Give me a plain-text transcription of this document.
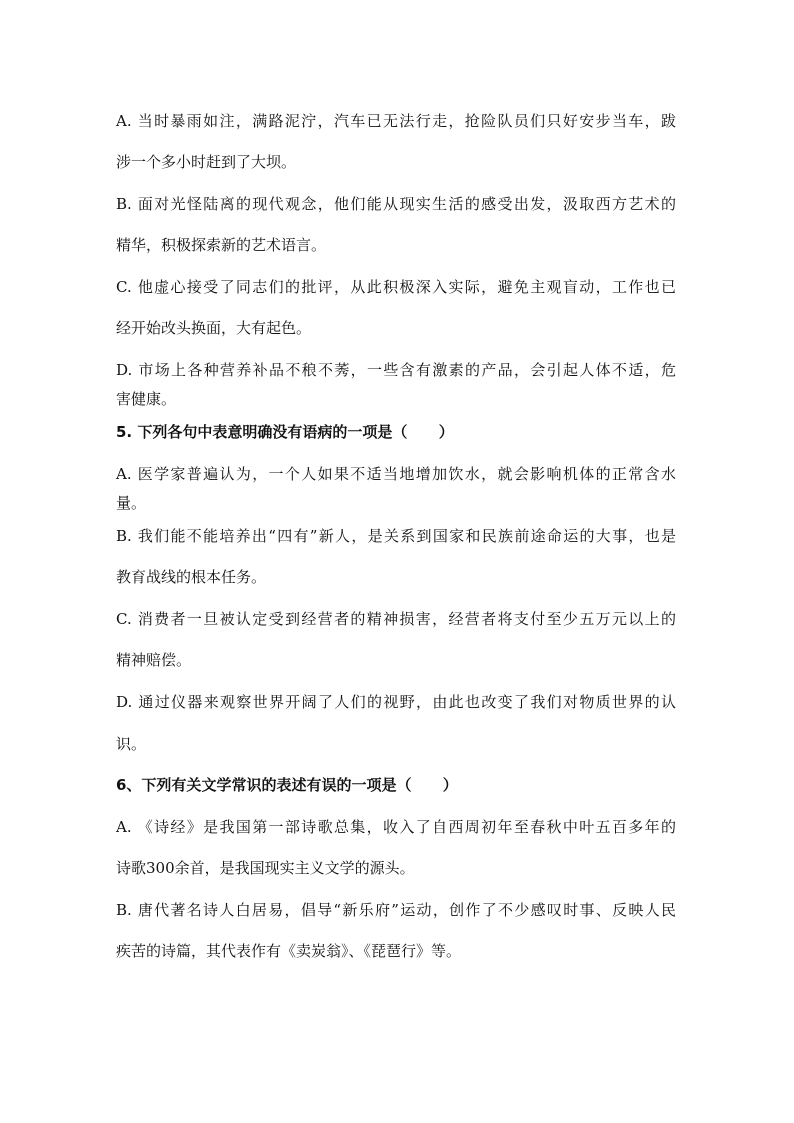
A. 当时暴雨如注，满路泥泞，汽车已无法行走，抢险队员们只好安步当车，跋
涉一个多小时赶到了大坝。
B. 面对光怪陆离的现代观念，他们能从现实生活的感受出发，汲取西方艺术的
精华，积极探索新的艺术语言。
C. 他虚心接受了同志们的批评，从此积极深入实际，避免主观盲动，工作也已
经开始改头换面，大有起色。
D. 市场上各种营养补品不稂不莠，一些含有激素的产品，会引起人体不适，危
害健康。
5. 下列各句中表意明确没有语病的一项是（      ）
A. 医学家普遍认为，一个人如果不适当地增加饮水，就会影响机体的正常含水
量。
B. 我们能不能培养出“四有”新人，是关系到国家和民族前途命运的大事，也是
教育战线的根本任务。
C. 消费者一旦被认定受到经营者的精神损害，经营者将支付至少五万元以上的
精神赔偿。
D. 通过仪器来观察世界开阔了人们的视野，由此也改变了我们对物质世界的认
识。
6、下列有关文学常识的表述有误的一项是（      ）
A. 《诗经》是我国第一部诗歌总集，收入了自西周初年至春秋中叶五百多年的
诗歌300余首，是我国现实主义文学的源头。
B. 唐代著名诗人白居易，倡导“新乐府”运动，创作了不少感叹时事、反映人民
疾苦的诗篇，其代表作有《卖炭翁》、《琵琶行》等。
